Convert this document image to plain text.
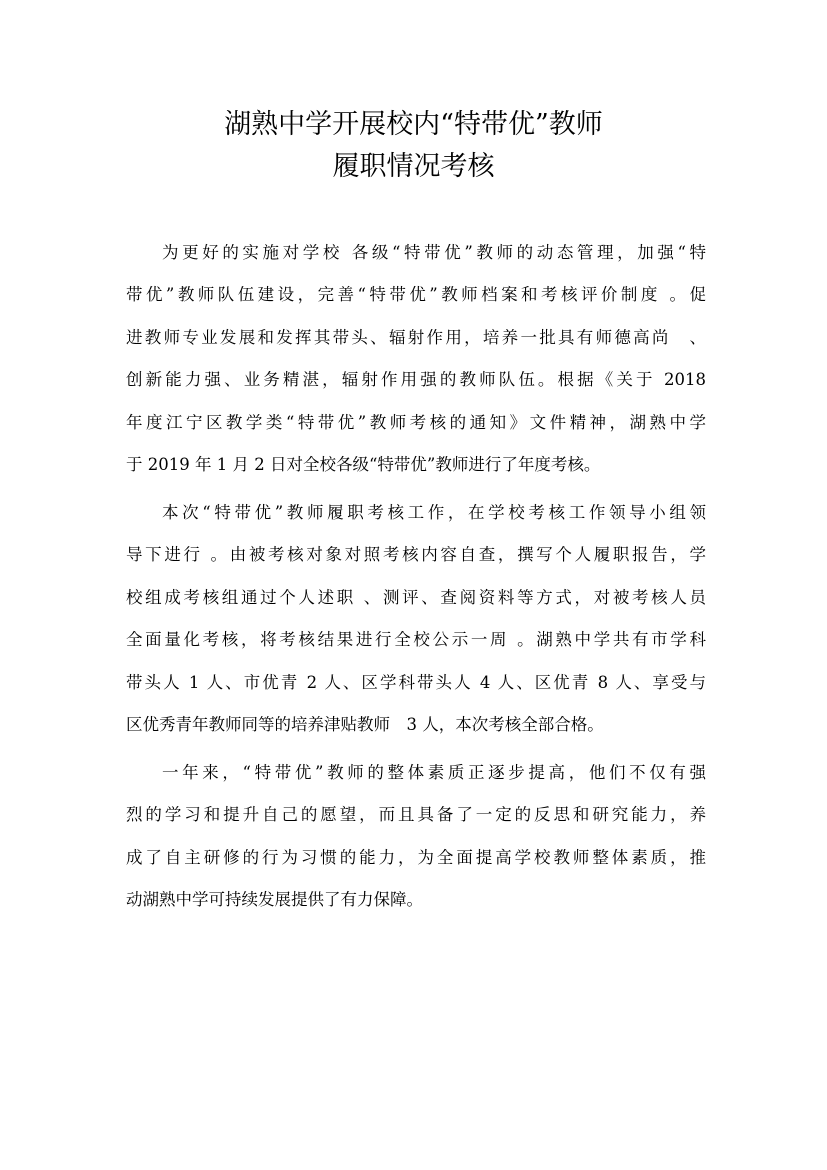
湖熟中学开展校内“特带优”教师
履职情况考核
为更好的实施对学校 各级“特带优”教师的动态管理，加强“特
带优”教师队伍建设，完善“特带优”教师档案和考核评价制度 。促
进教师专业发展和发挥其带头、辐射作用，培养一批具有师德高尚　、
创新能力强、业务精湛，辐射作用强的教师队伍。根据《关于 2018
年度江宁区教学类“特带优”教师考核的通知》文件精神，湖熟中学
于 2019 年 1 月 2 日对全校各级“特带优”教师进行了年度考核。
本次“特带优”教师履职考核工作，在学校考核工作领导小组领
导下进行 。由被考核对象对照考核内容自查，撰写个人履职报告，学
校组成考核组通过个人述职 、测评、查阅资料等方式，对被考核人员
全面量化考核，将考核结果进行全校公示一周 。湖熟中学共有市学科
带头人 1 人、市优青 2 人、区学科带头人 4 人、区优青 8 人、享受与
区优秀青年教师同等的培养津贴教师　3 人，本次考核全部合格。
一年来，“特带优”教师的整体素质正逐步提高，他们不仅有强
烈的学习和提升自己的愿望，而且具备了一定的反思和研究能力，养
成了自主研修的行为习惯的能力，为全面提高学校教师整体素质，推
动湖熟中学可持续发展提供了有力保障。
